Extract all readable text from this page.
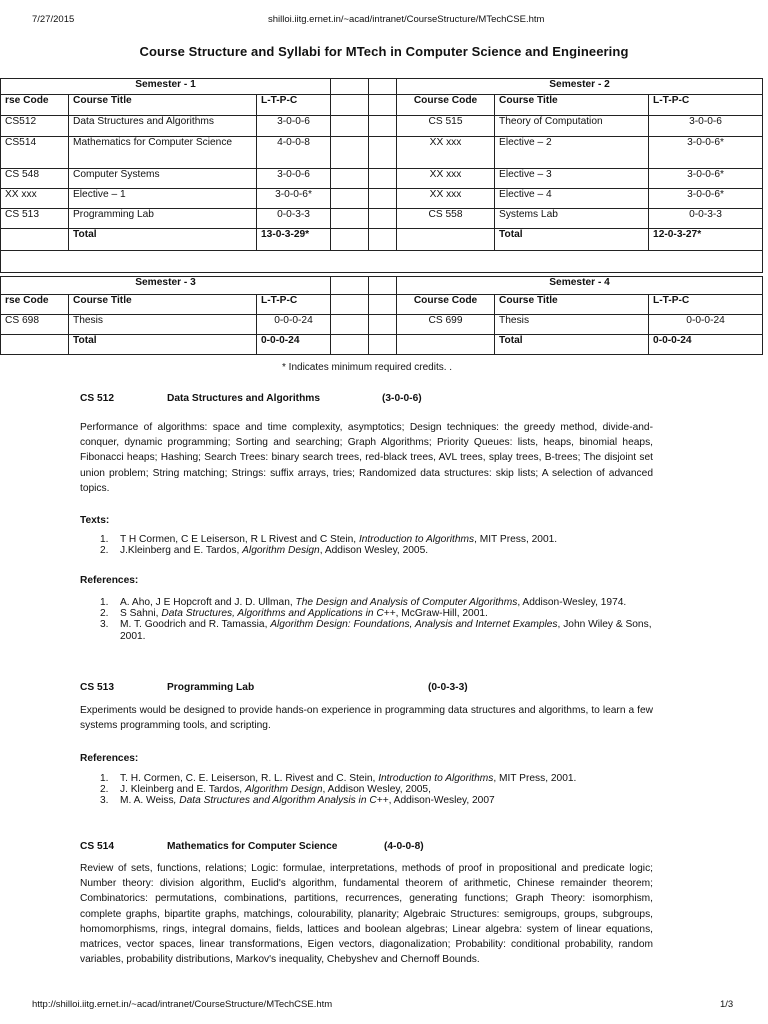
7/27/2015	shilloi.iitg.ernet.in/~acad/intranet/CourseStructure/MTechCSE.htm
Course Structure and Syllabi for MTech in Computer Science and Engineering
Semester - 1					Semester - 2		
rse Code	Course Title	L-T-P-C			Course Code	Course Title	L-T-P-C
CS512	Data Structures and Algorithms	3-0-0-6			CS 515	Theory of Computation	3-0-0-6
CS514	Mathematics for Computer Science	4-0-0-8			XX xxx	Elective – 2	3-0-0-6*
CS 548	Computer Systems	3-0-0-6			XX xxx	Elective – 3	3-0-0-6*
XX xxx	Elective – 1	3-0-0-6*			XX xxx	Elective – 4	3-0-0-6*
CS 513	Programming Lab	0-0-3-3			CS 558	Systems Lab	0-0-3-3
	Total	13-0-3-29*				Total	12-0-3-27*

Semester - 3					Semester - 4		
rse Code	Course Title	L-T-P-C			Course Code	Course Title	L-T-P-C
CS 698	Thesis	0-0-0-24			CS 699	Thesis	0-0-0-24
	Total	0-0-0-24				Total	0-0-0-24
* Indicates minimum required credits. .
CS 512	Data Structures and Algorithms	(3-0-0-6)
Performance of algorithms: space and time complexity, asymptotics; Design techniques: the greedy method, divide-and-conquer, dynamic programming; Sorting and searching; Graph Algorithms; Priority Queues: lists, heaps, binomial heaps, Fibonacci heaps; Hashing; Search Trees: binary search trees, red-black trees, AVL trees, splay trees, B-trees; The disjoint set union problem; String matching; Strings: suffix arrays, tries; Randomized data structures: skip lists; A selection of advanced topics.
Texts:
1. T H Cormen, C E Leiserson, R L Rivest and C Stein, Introduction to Algorithms, MIT Press, 2001.
2. J.Kleinberg and E. Tardos, Algorithm Design, Addison Wesley, 2005.
References:
1. A. Aho, J E Hopcroft and J. D. Ullman, The Design and Analysis of Computer Algorithms, Addison-Wesley, 1974.
2. S Sahni, Data Structures, Algorithms and Applications in C++, McGraw-Hill, 2001.
3. M. T. Goodrich and R. Tamassia, Algorithm Design: Foundations, Analysis and Internet Examples, John Wiley & Sons, 2001.
CS 513	Programming Lab	(0-0-3-3)
Experiments would be designed to provide hands-on experience in programming data structures and algorithms, to learn a few systems programming tools, and scripting.
References:
1. T. H. Cormen, C. E. Leiserson, R. L. Rivest and C. Stein, Introduction to Algorithms, MIT Press, 2001.
2. J. Kleinberg and E. Tardos, Algorithm Design, Addison Wesley, 2005,
3. M. A. Weiss, Data Structures and Algorithm Analysis in C++, Addison-Wesley, 2007
CS 514	Mathematics for Computer Science	(4-0-0-8)
Review of sets, functions, relations; Logic: formulae, interpretations, methods of proof in propositional and predicate logic; Number theory: division algorithm, Euclid's algorithm, fundamental theorem of arithmetic, Chinese remainder theorem; Combinatorics: permutations, combinations, partitions, recurrences, generating functions; Graph Theory: isomorphism, complete graphs, bipartite graphs, matchings, colourability, planarity; Algebraic Structures: semigroups, groups, subgroups, homomorphisms, rings, integral domains, fields, lattices and boolean algebras; Linear algebra: system of linear equations, matrices, vector spaces, linear transformations, Eigen vectors, diagonalization; Probability: conditional probability, random variables, probability distributions, Markov's inequality, Chebyshev and Chernoff Bounds.
http://shilloi.iitg.ernet.in/~acad/intranet/CourseStructure/MTechCSE.htm	1/3
